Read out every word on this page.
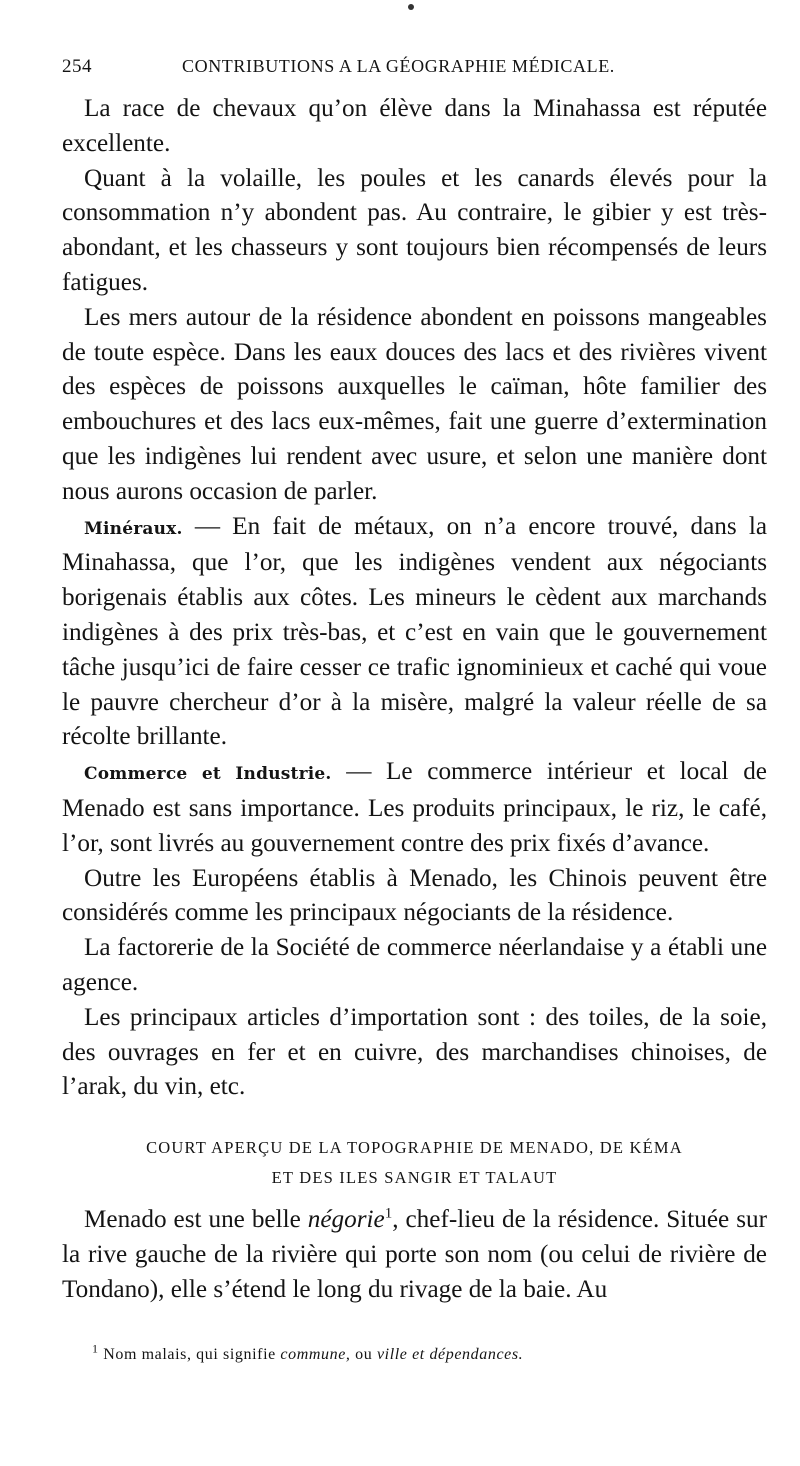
254	CONTRIBUTIONS A LA GÉOGRAPHIE MÉDICALE.

La race de chevaux qu’on élève dans la Minahassa est réputée excellente.

Quant à la volaille, les poules et les canards élevés pour la consommation n’y abondent pas. Au contraire, le gibier y est très-abondant, et les chasseurs y sont toujours bien récompensés de leurs fatigues.

Les mers autour de la résidence abondent en poissons mangeables de toute espèce. Dans les eaux douces des lacs et des rivières vivent des espèces de poissons auxquelles le caïman, hôte familier des embouchures et des lacs eux-mêmes, fait une guerre d’extermination que les indigènes lui rendent avec usure, et selon une manière dont nous aurons occasion de parler.

Minéraux. — En fait de métaux, on n’a encore trouvé, dans la Minahassa, que l’or, que les indigènes vendent aux négociants borigenais établis aux côtes. Les mineurs le cèdent aux marchands indigènes à des prix très-bas, et c’est en vain que le gouvernement tâche jusqu’ici de faire cesser ce trafic ignominieux et caché qui voue le pauvre chercheur d’or à la misère, malgré la valeur réelle de sa récolte brillante.

Commerce et Industrie. — Le commerce intérieur et local de Menado est sans importance. Les produits principaux, le riz, le café, l’or, sont livrés au gouvernement contre des prix fixés d’avance.

Outre les Européens établis à Menado, les Chinois peuvent être considérés comme les principaux négociants de la résidence.

La factorerie de la Société de commerce néerlandaise y a établi une agence.

Les principaux articles d’importation sont : des toiles, de la soie, des ouvrages en fer et en cuivre, des marchandises chinoises, de l’arak, du vin, etc.

COURT APERÇU DE LA TOPOGRAPHIE DE MENADO, DE KÉMA
ET DES ILES SANGIR ET TALAUT

Menado est une belle négorie$^1$, chef-lieu de la résidence. Située sur la rive gauche de la rivière qui porte son nom (ou celui de rivière de Tondano), elle s’étend le long du rivage de la baie. Au

$^1$ Nom malais, qui signifie commune, ou ville et dépendances.
